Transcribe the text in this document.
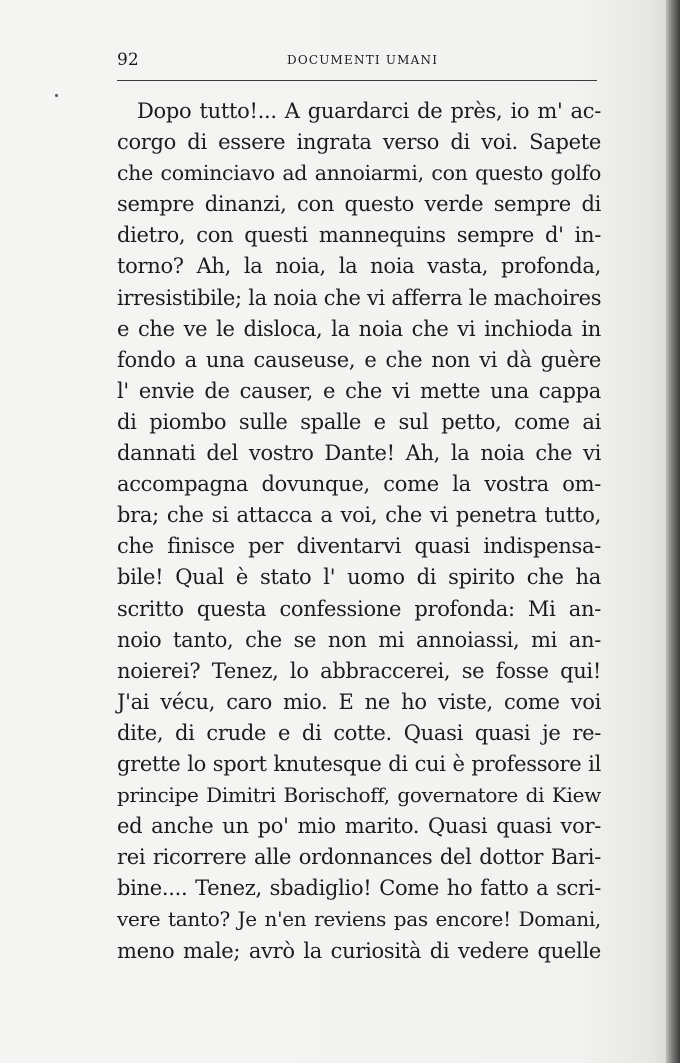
92	DOCUMENTI UMANI
Dopo tutto!... A guardarci de près, io m' ac-
corgo di essere ingrata verso di voi. Sapete
che cominciavo ad annoiarmi, con questo golfo
sempre dinanzi, con questo verde sempre di
dietro, con questi mannequins sempre d' in-
torno? Ah, la noia, la noia vasta, profonda,
irresistibile; la noia che vi afferra le machoires
e che ve le disloca, la noia che vi inchioda in
fondo a una causeuse, e che non vi dà guère
l' envie de causer, e che vi mette una cappa
di piombo sulle spalle e sul petto, come ai
dannati del vostro Dante! Ah, la noia che vi
accompagna dovunque, come la vostra om-
bra; che si attacca a voi, che vi penetra tutto,
che finisce per diventarvi quasi indispensa-
bile! Qual è stato l' uomo di spirito che ha
scritto questa confessione profonda: Mi an-
noio tanto, che se non mi annoiassi, mi an-
noierei? Tenez, lo abbraccerei, se fosse qui!
J'ai vécu, caro mio. E ne ho viste, come voi
dite, di crude e di cotte. Quasi quasi je re-
grette lo sport knutesque di cui è professore il
principe Dimitri Borischoff, governatore di Kiew
ed anche un po' mio marito. Quasi quasi vor-
rei ricorrere alle ordonnances del dottor Bari-
bine.... Tenez, sbadiglio! Come ho fatto a scri-
vere tanto? Je n'en reviens pas encore! Domani,
meno male; avrò la curiosità di vedere quelle
